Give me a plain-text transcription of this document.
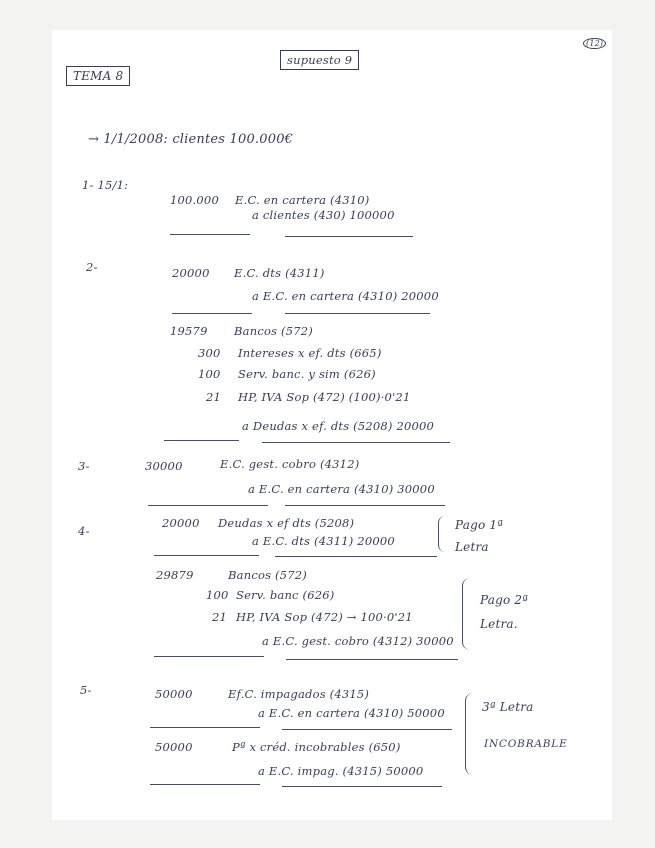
(12)
TEMA 8
supuesto 9
→ 1/1/2008: clientes 100.000€
1- 15/1:
100.000 E.C. en cartera (4310)
a clientes (430) 100000
2-	20000 E.C. dts (4311)
a E.C. en cartera (4310) 20000
19579 Bancos (572)
300 Intereses x ef. dts (665)
100 Serv. banc. y sim (626)
21 HP, IVA Sop (472) (100)·0'21
a Deudas x ef. dts (5208) 20000
3-	30000	E.C. gest. cobro (4312)
a E.C. en cartera (4310) 30000
4-
20000 Deudas x ef dts (5208)
a E.C. dts (4311) 20000
Pago 1ª Letra
29879	Bancos (572)
100 Serv. banc (626)
21 HP, IVA Sop (472) → 100·0'21
a E.C. gest. cobro (4312) 30000
Pago 2ª Letra.
5-	50000	Ef.C. impagados (4315)
a E.C. en cartera (4310) 50000
50000	Pª x créd. incobrables (650)
a E.C. impag. (4315) 50000
3ª Letra
INCOBRABLE
